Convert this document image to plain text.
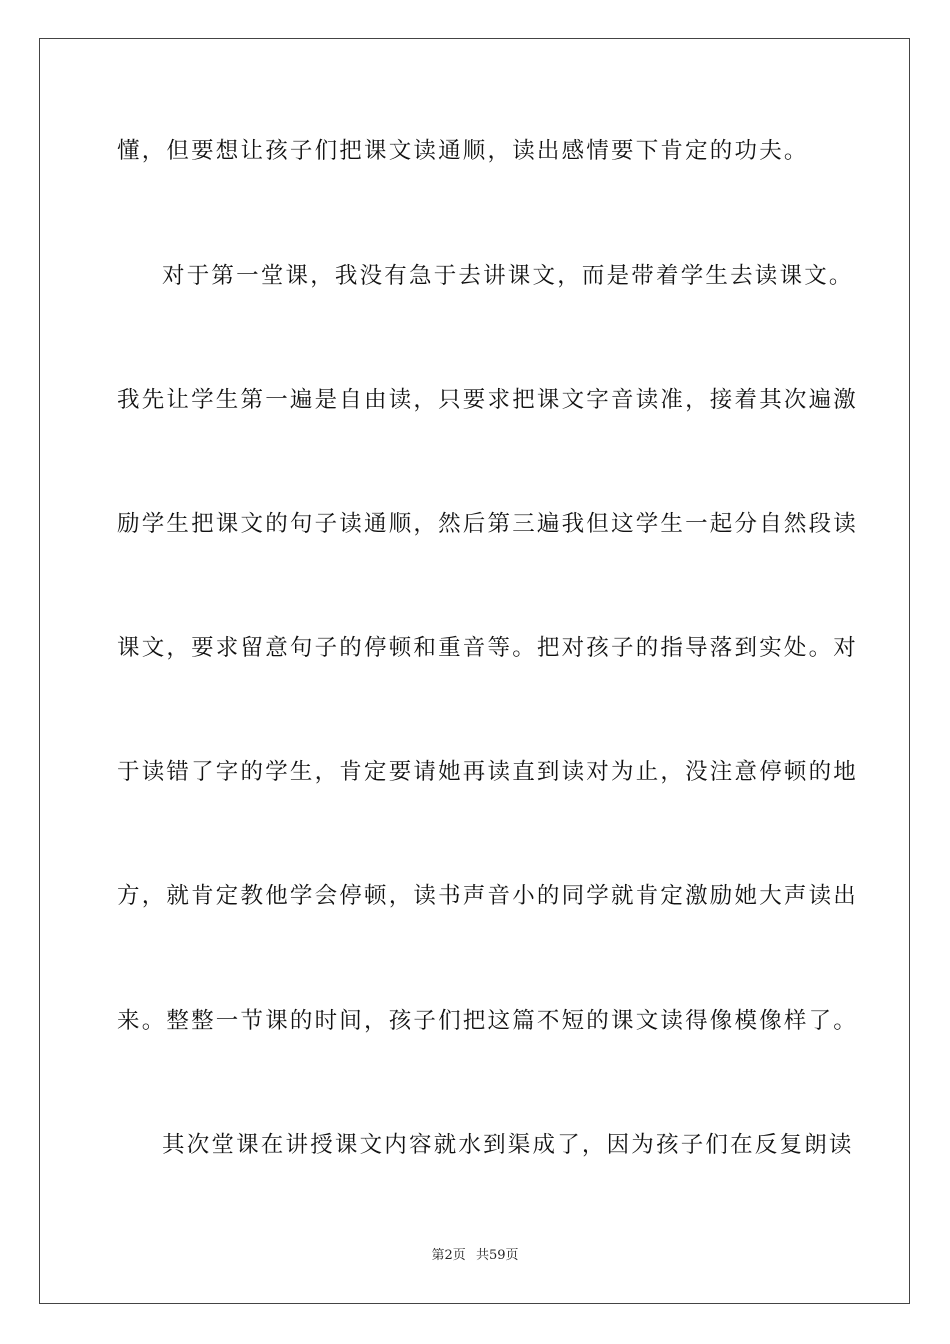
懂，但要想让孩子们把课文读通顺，读出感情要下肯定的功夫。
对于第一堂课，我没有急于去讲课文，而是带着学生去读课文。
我先让学生第一遍是自由读，只要求把课文字音读准，接着其次遍激
励学生把课文的句子读通顺，然后第三遍我但这学生一起分自然段读
课文，要求留意句子的停顿和重音等。把对孩子的指导落到实处。对
于读错了字的学生，肯定要请她再读直到读对为止，没注意停顿的地
方，就肯定教他学会停顿，读书声音小的同学就肯定激励她大声读出
来。整整一节课的时间，孩子们把这篇不短的课文读得像模像样了。
其次堂课在讲授课文内容就水到渠成了，因为孩子们在反复朗读
第2页 共59页
